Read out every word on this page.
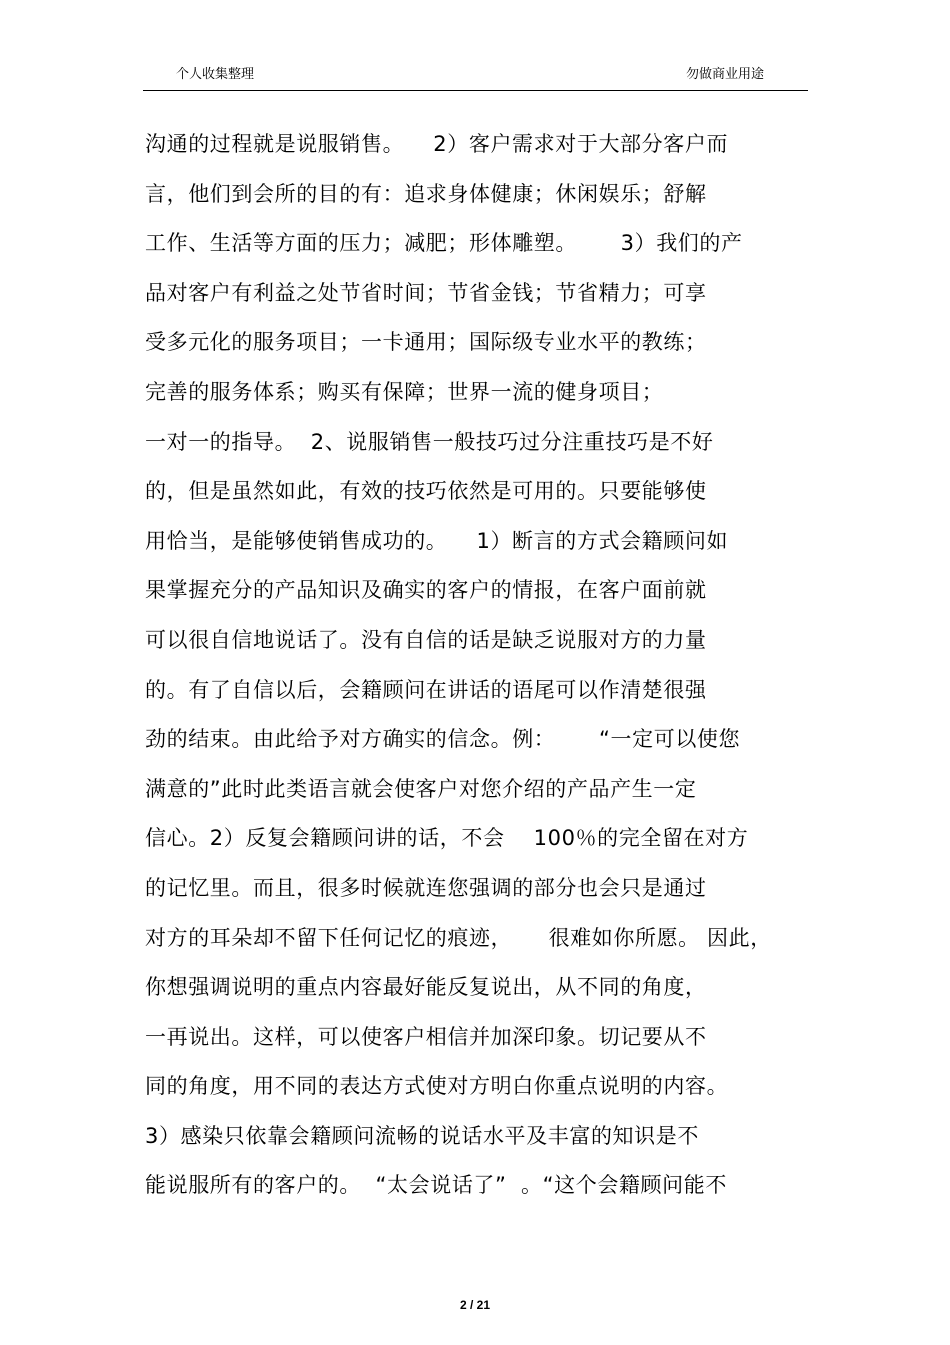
个人收集整理	勿做商业用途
沟通的过程就是说服销售。    2）客户需求对于大部分客户而
言，他们到会所的目的有：追求身体健康；休闲娱乐；舒解
工作、生活等方面的压力；减肥；形体雕塑。      3）我们的产
品对客户有利益之处节省时间；节省金钱；节省精力；可享
受多元化的服务项目；一卡通用；国际级专业水平的教练；
完善的服务体系；购买有保障；世界一流的健身项目；
一对一的指导。  2、说服销售一般技巧过分注重技巧是不好
的，但是虽然如此，有效的技巧依然是可用的。只要能够使
用恰当，是能够使销售成功的。    1）断言的方式会籍顾问如
果掌握充分的产品知识及确实的客户的情报，在客户面前就
可以很自信地说话了。没有自信的话是缺乏说服对方的力量
的。有了自信以后，会籍顾问在讲话的语尾可以作清楚很强
劲的结束。由此给予对方确实的信念。例：      “一定可以使您
满意的”此时此类语言就会使客户对您介绍的产品产生一定
信心。2）反复会籍顾问讲的话，不会    100％的完全留在对方
的记忆里。而且，很多时候就连您强调的部分也会只是通过
对方的耳朵却不留下任何记忆的痕迹，     很难如你所愿。 因此，
你想强调说明的重点内容最好能反复说出，从不同的角度，
一再说出。这样，可以使客户相信并加深印象。切记要从不
同的角度，用不同的表达方式使对方明白你重点说明的内容。
3）感染只依靠会籍顾问流畅的说话水平及丰富的知识是不
能说服所有的客户的。  “太会说话了”  。“这个会籍顾问能不
2 / 21
